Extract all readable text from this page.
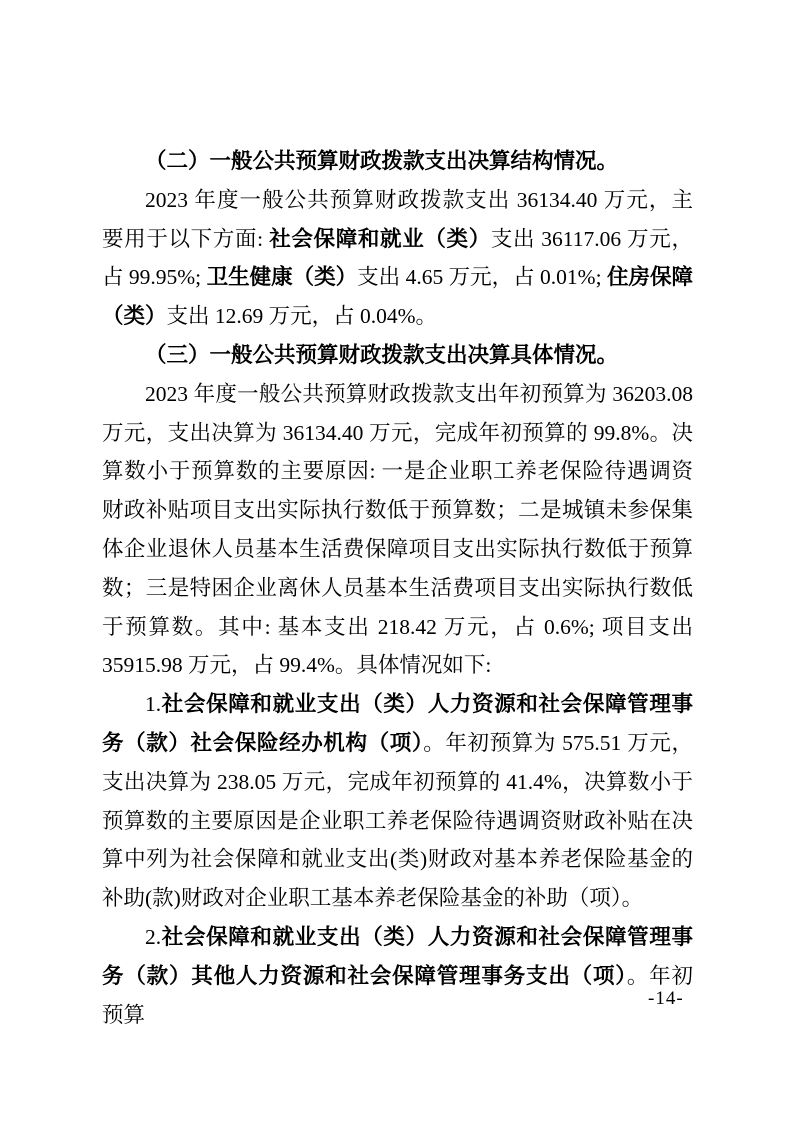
（二）一般公共预算财政拨款支出决算结构情况。

2023 年度一般公共预算财政拨款支出 36134.40 万元，主要用于以下方面: 社会保障和就业（类）支出 36117.06 万元，占 99.95%; 卫生健康（类）支出 4.65 万元，占 0.01%; 住房保障（类）支出 12.69 万元，占 0.04%。

（三）一般公共预算财政拨款支出决算具体情况。

2023 年度一般公共预算财政拨款支出年初预算为 36203.08 万元，支出决算为 36134.40 万元，完成年初预算的 99.8%。决算数小于预算数的主要原因: 一是企业职工养老保险待遇调资财政补贴项目支出实际执行数低于预算数；二是城镇未参保集体企业退休人员基本生活费保障项目支出实际执行数低于预算数；三是特困企业离休人员基本生活费项目支出实际执行数低于预算数。其中: 基本支出 218.42 万元，占 0.6%; 项目支出 35915.98 万元，占 99.4%。具体情况如下:

1.社会保障和就业支出（类）人力资源和社会保障管理事务（款）社会保险经办机构（项）。年初预算为 575.51 万元，支出决算为 238.05 万元，完成年初预算的 41.4%，决算数小于预算数的主要原因是企业职工养老保险待遇调资财政补贴在决算中列为社会保障和就业支出(类)财政对基本养老保险基金的补助(款)财政对企业职工基本养老保险基金的补助（项）。

2.社会保障和就业支出（类）人力资源和社会保障管理事务（款）其他人力资源和社会保障管理事务支出（项）。年初预算

-14-
